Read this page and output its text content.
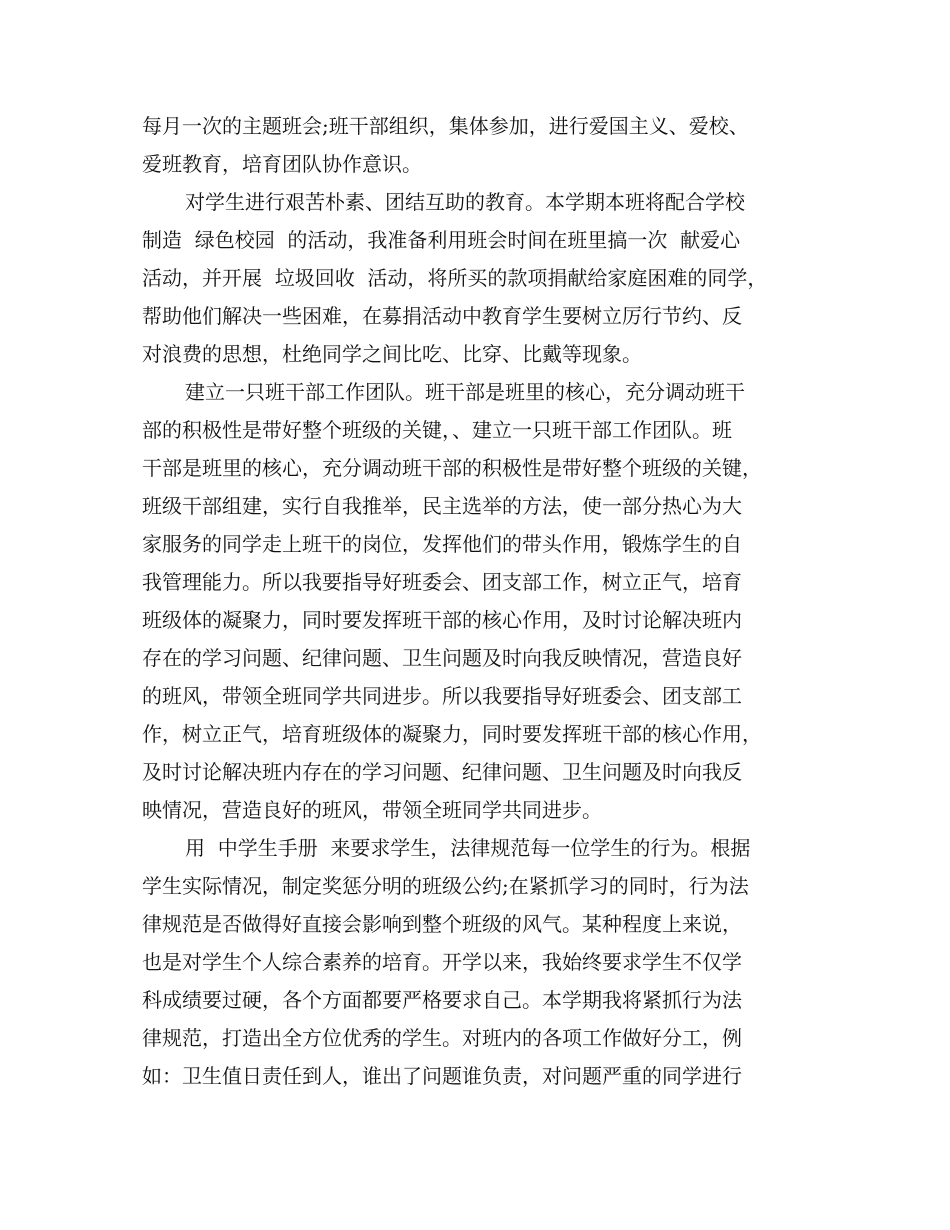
每月一次的主题班会;班干部组织，集体参加，进行爱国主义、爱校、
爱班教育，培育团队协作意识。
对学生进行艰苦朴素、团结互助的教育。本学期本班将配合学校
制造  绿色校园  的活动，我准备利用班会时间在班里搞一次  献爱心
活动，并开展  垃圾回收  活动，将所买的款项捐献给家庭困难的同学，
帮助他们解决一些困难，在募捐活动中教育学生要树立厉行节约、反
对浪费的思想，杜绝同学之间比吃、比穿、比戴等现象。
建立一只班干部工作团队。班干部是班里的核心，充分调动班干
部的积极性是带好整个班级的关键，、建立一只班干部工作团队。班
干部是班里的核心，充分调动班干部的积极性是带好整个班级的关键，
班级干部组建，实行自我推举，民主选举的方法，使一部分热心为大
家服务的同学走上班干的岗位，发挥他们的带头作用，锻炼学生的自
我管理能力。所以我要指导好班委会、团支部工作，树立正气，培育
班级体的凝聚力，同时要发挥班干部的核心作用，及时讨论解决班内
存在的学习问题、纪律问题、卫生问题及时向我反映情况，营造良好
的班风，带领全班同学共同进步。所以我要指导好班委会、团支部工
作，树立正气，培育班级体的凝聚力，同时要发挥班干部的核心作用，
及时讨论解决班内存在的学习问题、纪律问题、卫生问题及时向我反
映情况，营造良好的班风，带领全班同学共同进步。
用  中学生手册  来要求学生，法律规范每一位学生的行为。根据
学生实际情况，制定奖惩分明的班级公约;在紧抓学习的同时，行为法
律规范是否做得好直接会影响到整个班级的风气。某种程度上来说，
也是对学生个人综合素养的培育。开学以来，我始终要求学生不仅学
科成绩要过硬，各个方面都要严格要求自己。本学期我将紧抓行为法
律规范，打造出全方位优秀的学生。对班内的各项工作做好分工，例
如：卫生值日责任到人，谁出了问题谁负责，对问题严重的同学进行
